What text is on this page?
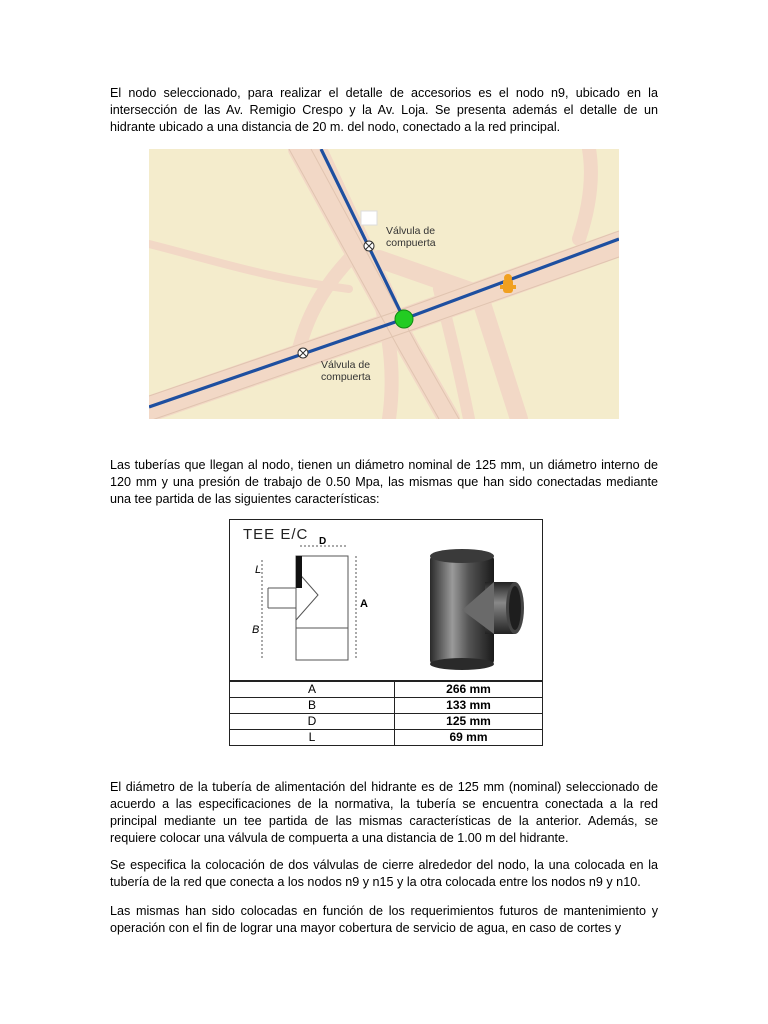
El nodo seleccionado, para realizar el detalle de accesorios es el nodo n9, ubicado en la intersección de las Av. Remigio Crespo y la Av. Loja. Se presenta además el detalle de un hidrante ubicado a una distancia de 20 m. del nodo, conectado a la red principal.
Válvula de
compuerta
Válvula de
compuerta
Las tuberías que llegan al nodo, tienen un diámetro nominal de 125 mm, un diámetro interno de 120 mm y una presión de trabajo de 0.50 Mpa, las mismas que han sido conectadas mediante una tee partida de las siguientes características:
TEE E/C D
L
B
A
A	266 mm
B	133 mm
D	125 mm
L	69 mm
El diámetro de la tubería de alimentación del hidrante es de 125 mm (nominal) seleccionado de acuerdo a las especificaciones de la normativa, la tubería se encuentra conectada a la red principal mediante un tee partida de las mismas características de la anterior. Además, se requiere colocar una válvula de compuerta a una distancia de 1.00 m del hidrante.
Se especifica la colocación de dos válvulas de cierre alrededor del nodo, la una colocada en la tubería de la red que conecta a los nodos n9 y n15 y la otra colocada entre los nodos n9 y n10.
Las mismas han sido colocadas en función de los requerimientos futuros de mantenimiento y operación con el fin de lograr una mayor cobertura de servicio de agua, en caso de cortes y
